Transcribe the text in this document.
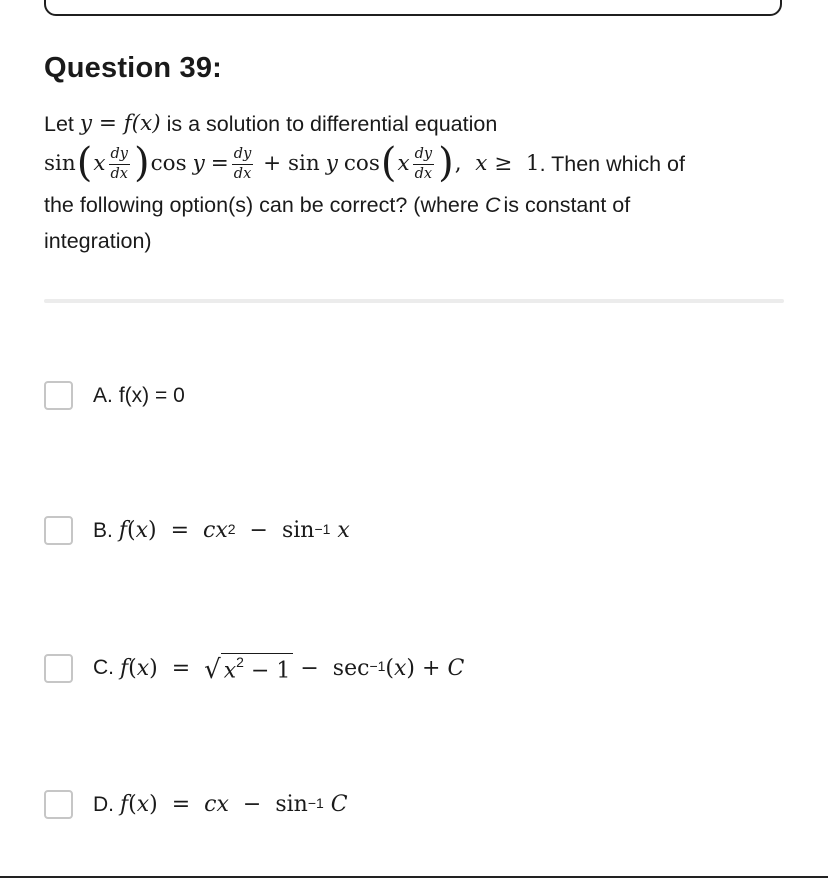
Question 39:
Let y = f(x) is a solution to differential equation
sin ( x $\frac{dy}{dx}$ ) cos
y
= $\frac{dy}{dx} + \sin$
y
cos ( x $\frac{dy}{dx}$ ) , x ≥  1 . Then which of
the following option(s) can be correct? (where C is constant of
integration)
A. f(x) = 0
B. f ( x ) = cx 2 −  sin −1 x
C. f ( x ) = √ $x^2 - 1 - \sec -1$ ( x ) + C
D. f ( x ) = cx −  sin −1 C
